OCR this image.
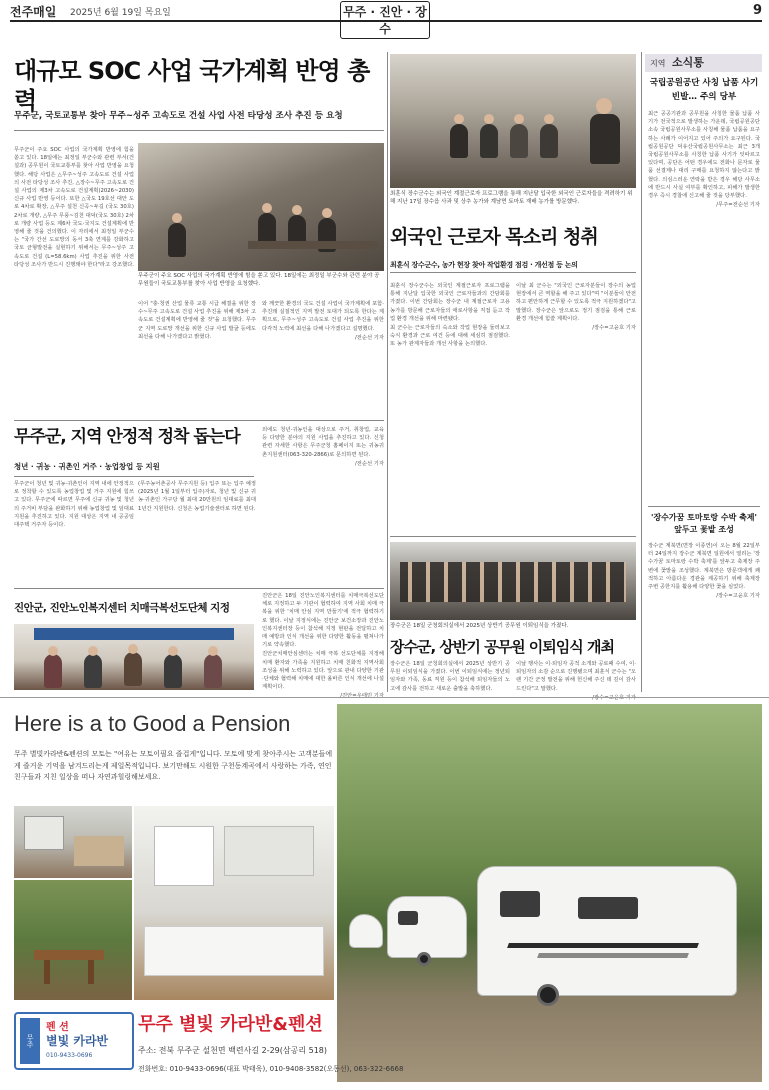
전주매일 2025년 6월 19일 목요일	무주 · 진안 · 장수
9
대규모 SOC 사업 국가계획 반영 총력
무주군, 국토교통부 찾아 무주~성주 고속도로 건설 사업 사전 타당성 조사 추진 등 요청

무주군이 주요 SOC 사업의 국가계획 반영에 힘을 쏟고 있다. 18일에는 최정일 부군수와 관련 부서(건설과) 공무원이 국토교통부를 찾아 사업 반영을 요청했다. 해당 사업은 △무주~성주 고속도로 건설 사업의 사전 타당성 조사 추진, △장수~무주 고속도로 건설 사업의 제3차 고속도로 건설계획(2026~2030) 신규 사업 반영 등이다. 또한 △국도 19호선 대안 도로 4차로 확장, △무주 설천 신곡~두길 (국도 30호) 2차로 개량, △무주 무풍~김천 대덕(국도 30호) 2차로 개량 사업 등도 제6차 국도·국지도 건설계획에 반영해 줄 것을 건의했다. 이 자리에서 최정일 부군수는 "국가 간선 도로망의 동서 3축 연계를 강화하고 국토 균형발전을 실현하기 위해서는 무주~성주 고속도로 건설 (L=58.6km) 사업 추진을 위한 사전 타당성 조사가 반드시 진행돼야 한다"라고 강조했다.

무주군이 주요 SOC 사업의 국가계획 반영에 힘을 쏟고 있다. 18일에는 최정일 부군수와 관련 분야 공무원들이 국토교통부를 찾아 사업 반영을 요청했다.

이어 "충·청권 산업 물류 교통 시급 해결을 위한 장수~무주 고속도로 건설 사업 추진을 위해 제3차 고속도로 건설계획에 반영해 줄 것"을 요청했다. 무주군 지역 도로망 개선을 위한 신규 사업 발굴 등에도 최선을 다해 나가겠다고 밝혔다.

와 깨끗한 환경의 국도 건설 사업이 국가계획에 포함·추진돼 실질적인 지역 발전 토대가 되도록 한다는 계획으로, 무주~성주 고속도로 건설 사업 추진을 위한 다각적 노력에 최선을 다해 나가겠다고 설명했다.

/전순선 기자

무주군, 지역 안정적 정착 돕는다
청년 · 귀농 · 귀촌인 거주 · 농업창업 등 지원

무주군이 청년 및 귀농·귀촌인이 지역 내에 안정적으로 정착할 수 있도록 농업창업 및 거주 지원에 힘쓰고 있다. 무주군에 따르면 무주에 신규 귀농 및 청년의 주거비 부담을 완화하기 위해 농업창업 및 임대료 지원을 추진하고 있다. 지원 대상은 지역 내 공공임대주택 거주자 등이다.

(무주농어촌공사 무주지원 등) 입주 또는 입주 예정(2025년 1월 1일부터 입주)자로, 청년 및 신규 귀농·귀촌인 가구당 월 최대 20만원의 임대료를 최대 1년간 지원한다. 신청은 농업기술센터로 하면 된다.

외에도 청년·귀농인을 대상으로 주거, 취창업, 교육 등 다양한 분야의 지원 사업을 추진하고 있다. 신청 관련 자세한 사항은 무주군청 홈페이지 또는 귀농귀촌지원센터(063-320-2866)로 문의하면 된다.

/전순선 기자

진안군, 진안노인복지센터 치매극복선도단체 지정

진안군은 18일 진안노인복지센터를 치매극복선도단체로 지정하고 두 기관이 협력하여 지역 사회 치매 극복을 위한 '치매 안심 지역 만들기'에 적극 협력하기로 했다. 이날 지정식에는 진안군 보건소장과 진안노인복지센터장 등이 참석해 지정 현판을 전달하고 치매 예방과 인식 개선을 위한 다양한 활동을 펼쳐나가기로 약속했다.

진안군치매안심센터는 치매 극복 선도단체를 지정해 치매 환자와 가족을 지원하고 치매 친화적 지역사회 조성을 위해 노력하고 있다. 앞으로 관내 다양한 기관·단체와 협력해 치매에 대한 올바른 인식 개선에 나설 계획이다.

/진안=우태민 기자

최훈식 장수군수는 외국인 계절근로자 프로그램을 통해 지난달 입국한 외국인 근로자들을 격려하기 위해 지난 17일 장수읍 사과 및 상추 농가와 계남면 토마토 재배 농가를 방문했다.
외국인 근로자 목소리 청취
최훈식 장수군수, 농가 현장 찾아 작업환경 점검 · 개선점 등 논의

최훈식 장수군수는 외국인 계절근로자 프로그램을 통해 지난달 입국한 외국인 근로자들과의 간담회를 가졌다. 이번 간담회는 장수군 내 계절근로자 고용 농가를 방문해 근로자들의 애로사항을 직접 듣고 작업 환경 개선을 위해 마련됐다.

최 군수는 근로자들의 숙소와 작업 현장을 둘러보고 숙식 환경과 근로 여건 등에 대해 세심히 점검했다. 또 농가 관계자들과 개선 사항을 논의했다.

이날 최 군수는 "외국인 근로자분들이 장수의 농업 현장에서 큰 역할을 해 주고 있다"며 "이분들이 안전하고 편안하게 근무할 수 있도록 적극 지원하겠다"고 말했다. 장수군은 앞으로도 정기 점검을 통해 근로 환경 개선에 힘쓸 계획이다.

/장수=고윤호 기자

장수군은 18일 군청회의실에서 2025년 상반기 공무원 이퇴임식을 가졌다.
장수군, 상반기 공무원 이퇴임식 개최

장수군은 18일 군청회의실에서 2025년 상반기 공무원 이퇴임식을 가졌다. 이번 이퇴임식에는 정년퇴임자와 가족, 동료 직원 등이 참석해 퇴임자들의 노고에 감사를 전하고 새로운 출발을 축하했다.

이날 행사는 이·퇴임자 공적 소개와 공로패 수여, 이·퇴임자의 소감 순으로 진행됐으며 최훈식 군수는 "오랜 기간 군정 발전을 위해 헌신해 주신 데 깊이 감사드린다"고 말했다.

/장수=고윤호 기자

지역 소식통
국립공원공단 사칭 납품 사기 빈발… 주의 당부

최근 공공기관과 공무원을 사칭한 물품 납품 사기가 전국적으로 발생하는 가운데, 국립공원공단 소속 국립공원사무소를 사칭해 물품 납품을 요구하는 사례가 이어지고 있어 주의가 요구된다. 국립공원공단 덕유산국립공원사무소는 최근 3개 국립공원사무소를 사칭한 납품 사기가 잇따르고 있다며, 공단은 어떤 경우에도 전화나 문자로 물품 선결제나 대리 구매를 요청하지 않는다고 밝혔다. 의심스러운 연락을 받은 경우 해당 사무소에 반드시 사실 여부를 확인하고, 피해가 발생한 경우 즉시 경찰에 신고해 줄 것을 당부했다.

/무주=전순선 기자

'장수가꿈 토마토랑 수박 축제' 앞두고 꽃밭 조성

장수군 계북면(면장 이종연)이 오는 8월 22일부터 24일까지 장수군 계북면 일원에서 열리는 '장수가꿈 토마토랑 수박 축제'를 앞두고 축제장 주변에 꽃밭을 조성했다. 계북면은 방문객에게 쾌적하고 아름다운 경관을 제공하기 위해 축제장 주변 공한지를 활용해 다양한 꽃을 심었다.

/장수=고윤호 기자

Here is a to Good a Pension
무주 별빛카라반&펜션의 모토는 "여유는 모토이필요 즐겁게"입니다. 모토에 맞게 찾아주시는 고객분들에게 즐거운 기억을 남겨드리는게 제일목적입니다. 보기만해도 시원한 구천동계곡에서 사랑하는 가족, 연인 친구들과 지친 일상을 떠나 자연과힐링해보세요.
무주
펜 션
별빛 카라반
010-9433-0696
무주 별빛 카라반&펜션
주소: 전북 무주군 설천면 백련사길 2-29(삼공리 518)
전화번호: 010-9433-0696(대표 박태욱), 010-9408-3582(오동선), 063-322-6668
